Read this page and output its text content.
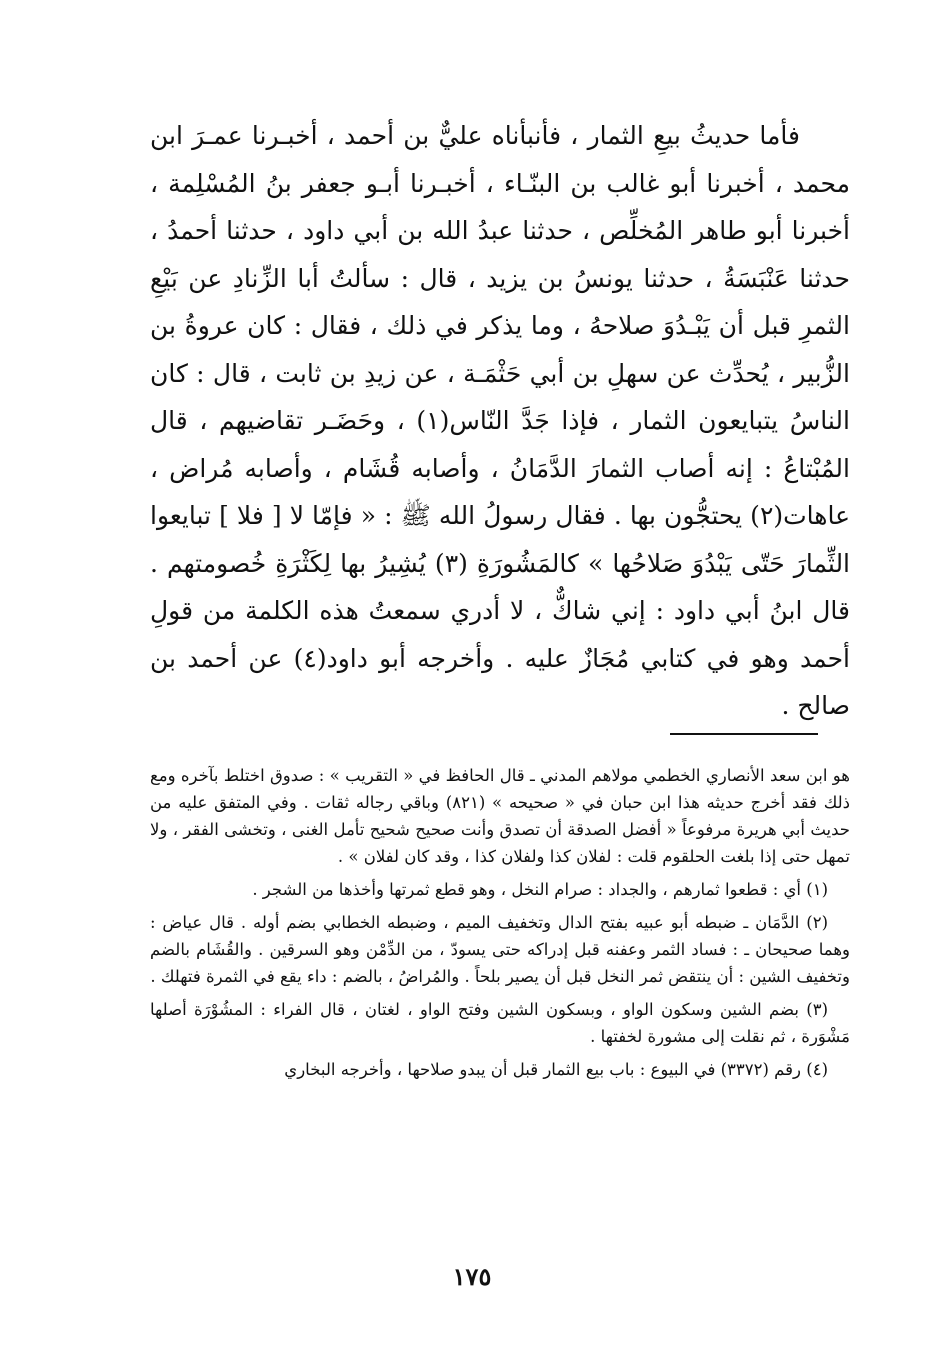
فأما حديثُ بيعِ الثمار ، فأنبأناه عليٌّ بن أحمد ، أخبـرنا عمـرَ ابن محمد ، أخبرنا أبو غالب بن البنّـاء ، أخبـرنا أبـو جعفر بنُ المُسْلِمة ، أخبرنا أبو طاهر المُخلِّص ، حدثنا عبدُ الله بن أبي داود ، حدثنا أحمدُ ، حدثنا عَنْبَسَةُ ، حدثنا يونسُ بن يزيد ، قال : سألتُ أبا الزِّنادِ عن بَيْعِ الثمرِ قبل أن يَبْـدُوَ صلاحهُ ، وما يذكر في ذلك ، فقال : كان عروةُ بن الزُّبير ، يُحدِّث عن سهلِ بن أبي حَثْمَـة ، عن زيدِ بن ثابت ، قال : كان الناسُ يتبايعون الثمار ، فإذا جَدَّ النّاس(١) ، وحَضَـر تقاضيهم ، قال المُبْتاعُ : إنه أصاب الثمارَ الدَّمَانُ ، وأصابه قُشَام ، وأصابه مُراض ، عاهات(٢) يحتجُّون بها . فقال رسولُ الله ﷺ : « فإمّا لا [ فلا ] تبايعوا الثِّمارَ حَتّى يَبْدُوَ صَلاحُها » كالمَشُورَةِ (٣) يُشِيرُ بها لِكَثْرَةِ خُصومتهم . قال ابنُ أبي داود : إني شاكٌّ ، لا أدري سمعتُ هذه الكلمة من قولِ أحمد وهو في كتابي مُجَازٌ عليه . وأخرجه أبو داود(٤) عن أحمد بن صالح .

هو ابن سعد الأنصاري الخطمي مولاهم المدني ـ قال الحافظ في « التقريب » : صدوق اختلط بآخره ومع ذلك فقد أخرج حديثه هذا ابن حبان في « صحيحه » (٨٢١) وباقي رجاله ثقات . وفي المتفق عليه من حديث أبي هريرة مرفوعاً « أفضل الصدقة أن تصدق وأنت صحيح شحيح تأمل الغنى ، وتخشى الفقر ، ولا تمهل حتى إذا بلغت الحلقوم قلت : لفلان كذا ولفلان كذا ، وقد كان لفلان » .

(١) أي : قطعوا ثمارهم ، والجداد : صرام النخل ، وهو قطع ثمرتها وأخذها من الشجر .

(٢) الدَّمَان ـ ضبطه أبو عبيه بفتح الدال وتخفيف الميم ، وضبطه الخطابي بضم أوله . قال عياض : وهما صحيحان ـ : فساد الثمر وعفنه قبل إدراكه حتى يسودّ ، من الدِّمْن وهو السرقين . والقُشَام بالضم وتخفيف الشين : أن ينتقض ثمر النخل قبل أن يصير بلحاً . والمُراضُ ، بالضم : داء يقع في الثمرة فتهلك .

(٣) بضم الشين وسكون الواو ، وبسكون الشين وفتح الواو ، لغتان ، قال الفراء : المشُوْرَة أصلها مَشْوَرة ، ثم نقلت إلى مشورة لخفتها .

(٤) رقم (٣٣٧٢) في البيوع : باب بيع الثمار قبل أن يبدو صلاحها ، وأخرجه البخاري

١٧٥
